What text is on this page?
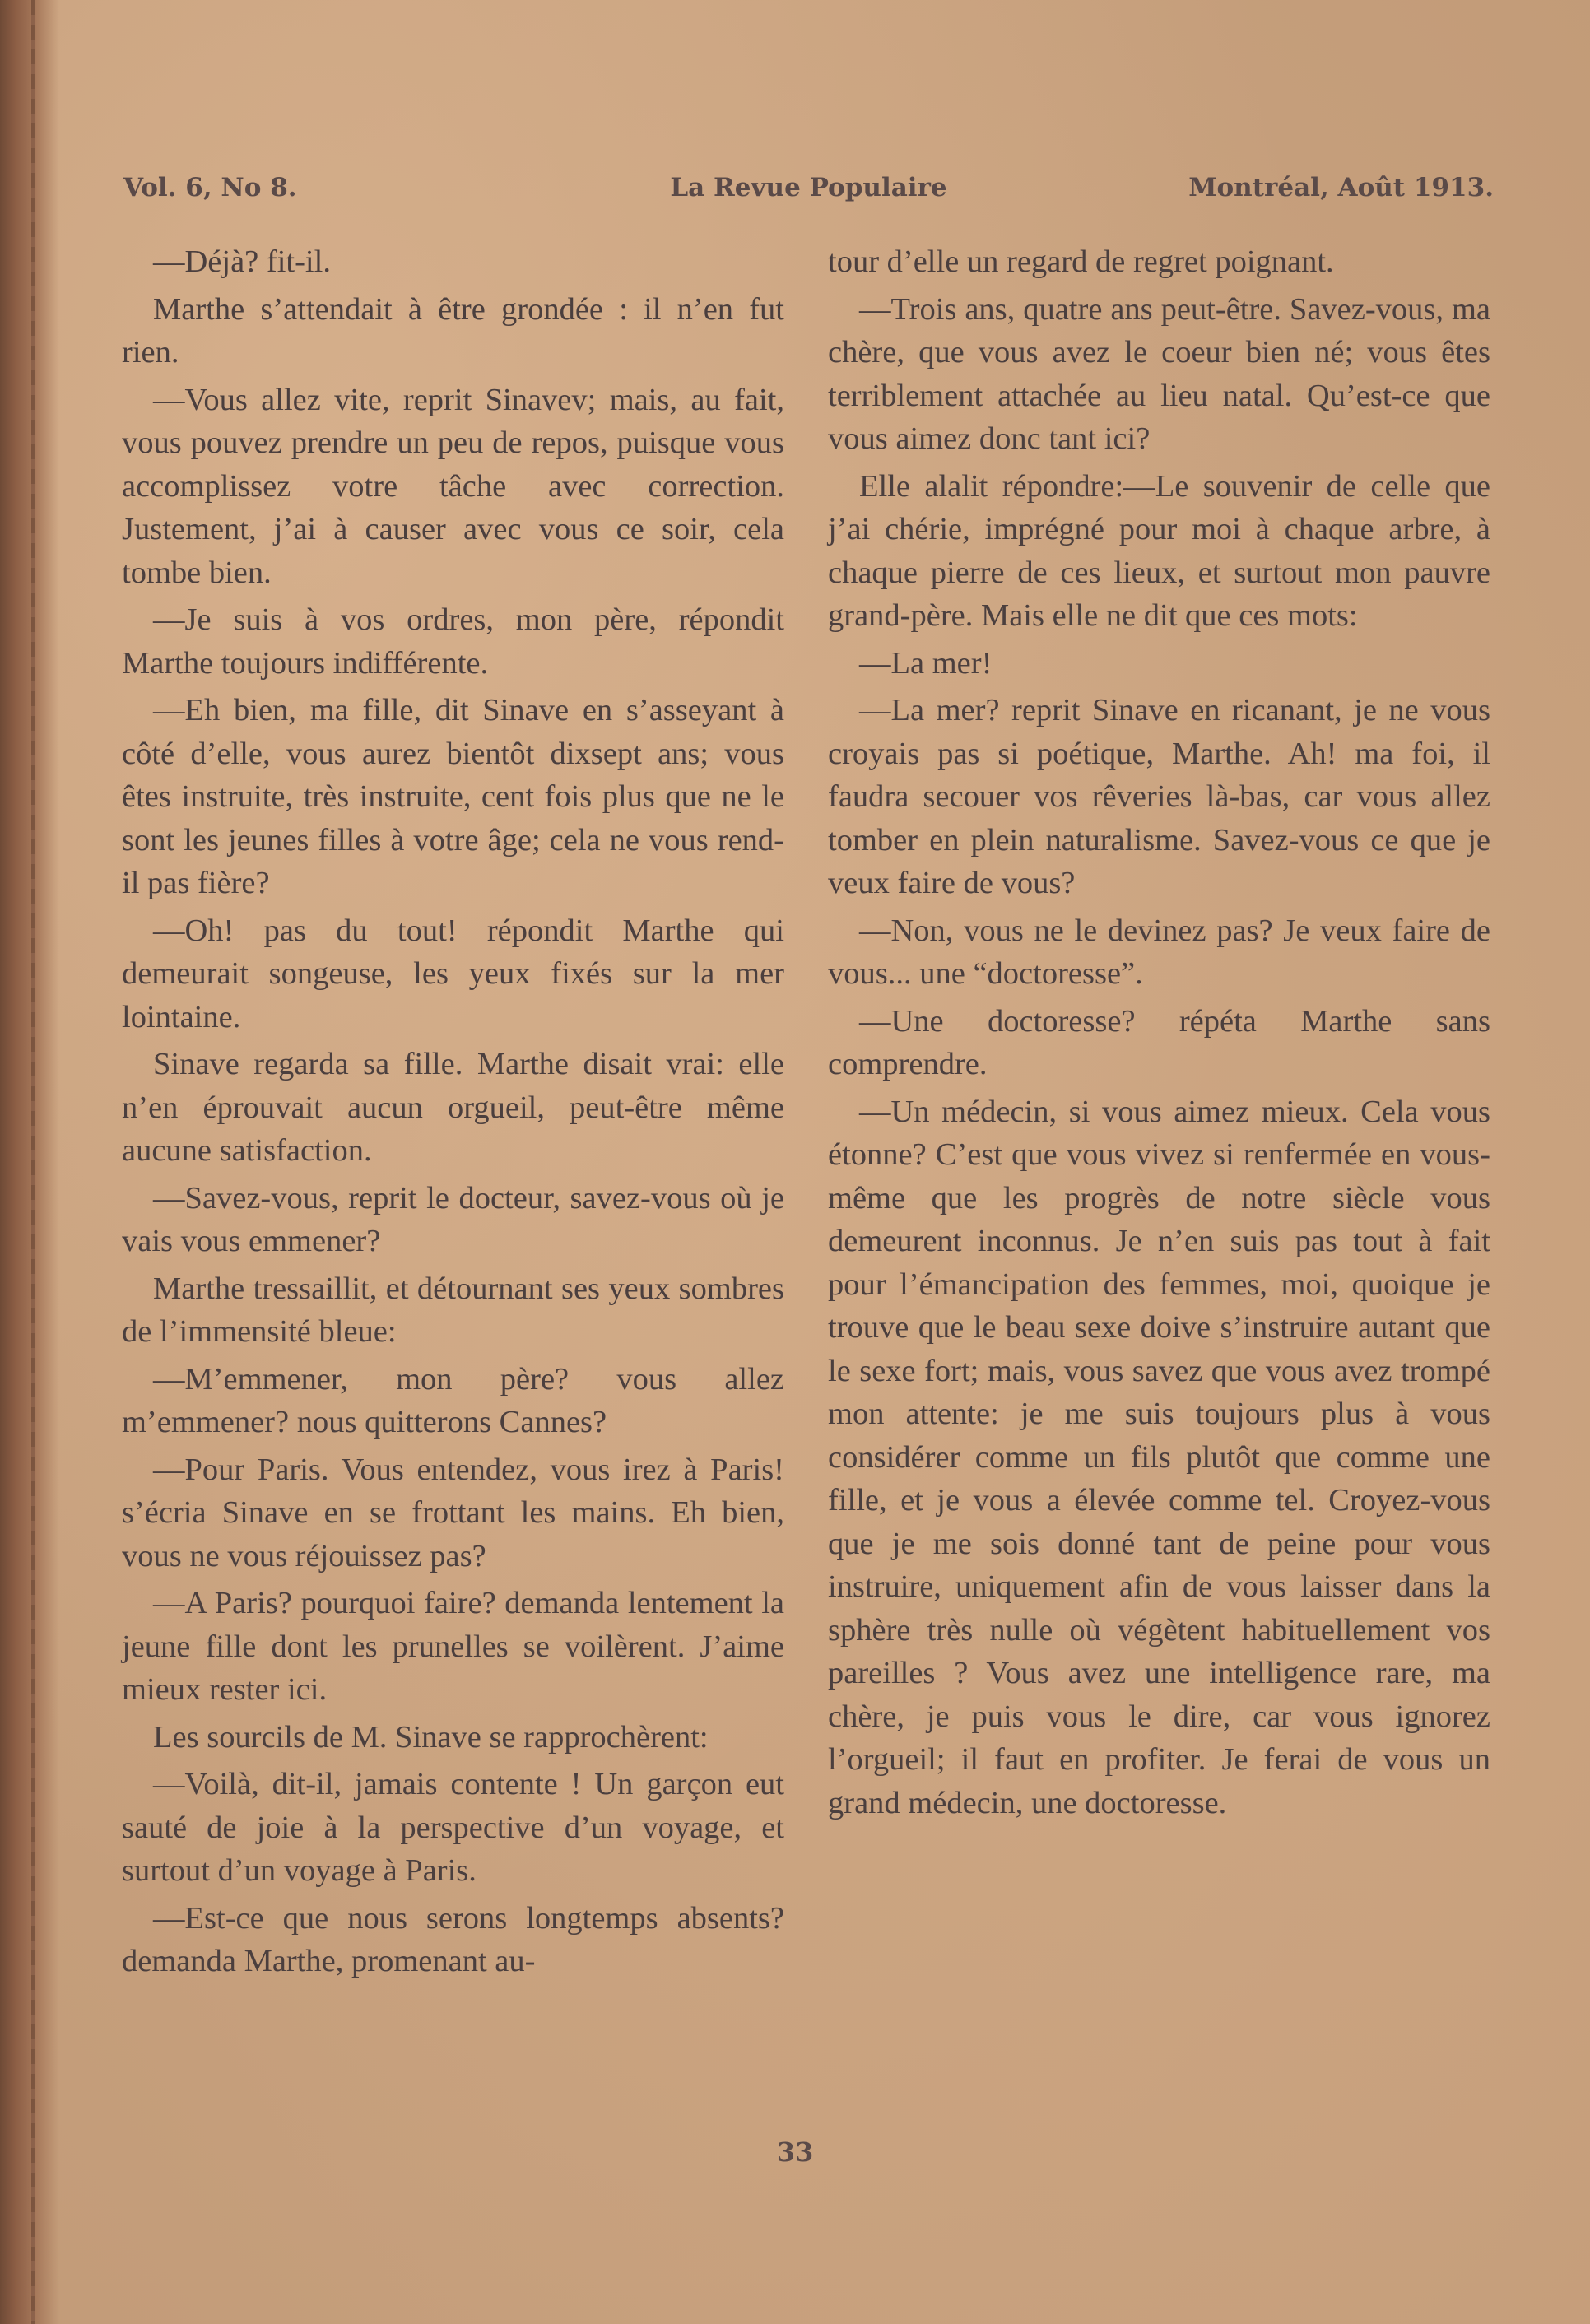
Vol. 6, No 8.	La Revue Populaire	Montréal, Août 1913.

—Déjà? fit-il.

Marthe s’attendait à être grondée : il n’en fut rien.

—Vous allez vite, reprit Sinavev; mais, au fait, vous pouvez prendre un peu de repos, puisque vous accomplissez votre tâche avec correction. Justement, j’ai à causer avec vous ce soir, cela tombe bien.

—Je suis à vos ordres, mon père, répondit Marthe toujours indifférente.

—Eh bien, ma fille, dit Sinave en s’asseyant à côté d’elle, vous aurez bientôt dixsept ans; vous êtes instruite, très instruite, cent fois plus que ne le sont les jeunes filles à votre âge; cela ne vous rend-il pas fière?

—Oh! pas du tout! répondit Marthe qui demeurait songeuse, les yeux fixés sur la mer lointaine.

Sinave regarda sa fille. Marthe disait vrai: elle n’en éprouvait aucun orgueil, peut-être même aucune satisfaction.

—Savez-vous, reprit le docteur, savez-vous où je vais vous emmener?

Marthe tressaillit, et détournant ses yeux sombres de l’immensité bleue:

—M’emmener, mon père? vous allez m’emmener? nous quitterons Cannes?

—Pour Paris. Vous entendez, vous irez à Paris! s’écria Sinave en se frottant les mains. Eh bien, vous ne vous réjouissez pas?

—A Paris? pourquoi faire? demanda lentement la jeune fille dont les prunelles se voilèrent. J’aime mieux rester ici.

Les sourcils de M. Sinave se rapprochèrent:

—Voilà, dit-il, jamais contente ! Un garçon eut sauté de joie à la perspective d’un voyage, et surtout d’un voyage à Paris.

—Est-ce que nous serons longtemps absents? demanda Marthe, promenant au-

tour d’elle un regard de regret poignant.

—Trois ans, quatre ans peut-être. Savez-vous, ma chère, que vous avez le coeur bien né; vous êtes terriblement attachée au lieu natal. Qu’est-ce que vous aimez donc tant ici?

Elle alalit répondre:—Le souvenir de celle que j’ai chérie, imprégné pour moi à chaque arbre, à chaque pierre de ces lieux, et surtout mon pauvre grand-père. Mais elle ne dit que ces mots:

—La mer!

—La mer? reprit Sinave en ricanant, je ne vous croyais pas si poétique, Marthe. Ah! ma foi, il faudra secouer vos rêveries là-bas, car vous allez tomber en plein naturalisme. Savez-vous ce que je veux faire de vous?

—Non, vous ne le devinez pas? Je veux faire de vous... une “doctoresse”.

—Une doctoresse? répéta Marthe sans comprendre.

—Un médecin, si vous aimez mieux. Cela vous étonne? C’est que vous vivez si renfermée en vous-même que les progrès de notre siècle vous demeurent inconnus. Je n’en suis pas tout à fait pour l’émancipation des femmes, moi, quoique je trouve que le beau sexe doive s’instruire autant que le sexe fort; mais, vous savez que vous avez trompé mon attente: je me suis toujours plus à vous considérer comme un fils plutôt que comme une fille, et je vous a élevée comme tel. Croyez-vous que je me sois donné tant de peine pour vous instruire, uniquement afin de vous laisser dans la sphère très nulle où végètent habituellement vos pareilles ? Vous avez une intelligence rare, ma chère, je puis vous le dire, car vous ignorez l’orgueil; il faut en profiter. Je ferai de vous un grand médecin, une doctoresse.

33
